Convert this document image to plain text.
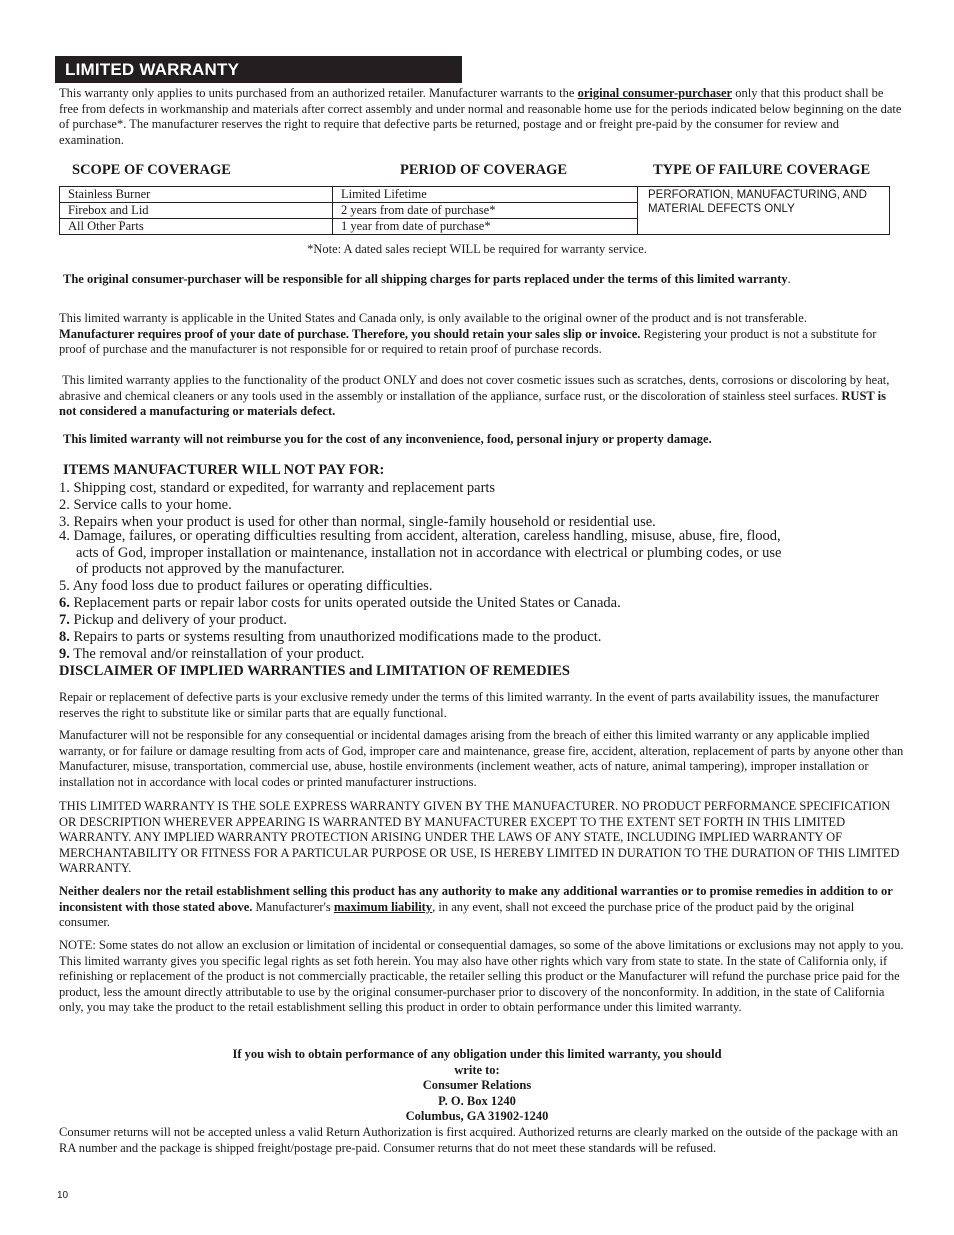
LIMITED WARRANTY
This warranty only applies to units purchased from an authorized retailer. Manufacturer warrants to the original consumer-purchaser only that this product shall be free from defects in workmanship and materials after correct assembly and under normal and reasonable home use for the periods indicated below beginning on the date of purchase*. The manufacturer reserves the right to require that defective parts be returned, postage and or freight pre-paid by the consumer for review and examination.
SCOPE OF COVERAGE	PERIOD OF COVERAGE	TYPE OF FAILURE COVERAGE
Stainless Burner	Limited Lifetime	PERFORATION, MANUFACTURING, AND MATERIAL DEFECTS ONLY
Firebox and Lid	2 years from date of purchase*	
All Other Parts	1 year from date of purchase*	
*Note: A dated sales reciept WILL be required for warranty service.
The original consumer-purchaser will be responsible for all shipping charges for parts replaced under the terms of this limited warranty.
This limited warranty is applicable in the United States and Canada only, is only available to the original owner of the product and is not transferable.
Manufacturer requires proof of your date of purchase. Therefore, you should retain your sales slip or invoice. Registering your product is not a substitute for proof of purchase and the manufacturer is not responsible for or required to retain proof of purchase records.
This limited warranty applies to the functionality of the product ONLY and does not cover cosmetic issues such as scratches, dents, corrosions or discoloring by heat, abrasive and chemical cleaners or any tools used in the assembly or installation of the appliance, surface rust, or the discoloration of stainless steel surfaces. RUST is not considered a manufacturing or materials defect.
This limited warranty will not reimburse you for the cost of any inconvenience, food, personal injury or property damage.
ITEMS MANUFACTURER WILL NOT PAY FOR:
1. Shipping cost, standard or expedited, for warranty and replacement parts
2. Service calls to your home.
3. Repairs when your product is used for other than normal, single-family household or residential use.
4. Damage, failures, or operating difficulties resulting from accident, alteration, careless handling, misuse, abuse, fire, flood,
acts of God, improper installation or maintenance, installation not in accordance with electrical or plumbing codes, or use
of products not approved by the manufacturer.
5. Any food loss due to product failures or operating difficulties.
6. Replacement parts or repair labor costs for units operated outside the United States or Canada.
7. Pickup and delivery of your product.
8. Repairs to parts or systems resulting from unauthorized modifications made to the product.
9. The removal and/or reinstallation of your product.
DISCLAIMER OF IMPLIED WARRANTIES and LIMITATION OF REMEDIES
Repair or replacement of defective parts is your exclusive remedy under the terms of this limited warranty. In the event of parts availability issues, the manufacturer reserves the right to substitute like or similar parts that are equally functional.
Manufacturer will not be responsible for any consequential or incidental damages arising from the breach of either this limited warranty or any applicable implied warranty, or for failure or damage resulting from acts of God, improper care and maintenance, grease fire, accident, alteration, replacement of parts by anyone other than Manufacturer, misuse, transportation, commercial use, abuse, hostile environments (inclement weather, acts of nature, animal tampering), improper installation or installation not in accordance with local codes or printed manufacturer instructions.
THIS LIMITED WARRANTY IS THE SOLE EXPRESS WARRANTY GIVEN BY THE MANUFACTURER. NO PRODUCT PERFORMANCE SPECIFICATION OR DESCRIPTION WHEREVER APPEARING IS WARRANTED BY MANUFACTURER EXCEPT TO THE EXTENT SET FORTH IN THIS LIMITED WARRANTY. ANY IMPLIED WARRANTY PROTECTION ARISING UNDER THE LAWS OF ANY STATE, INCLUDING IMPLIED WARRANTY OF MERCHANTABILITY OR FITNESS FOR A PARTICULAR PURPOSE OR USE, IS HEREBY LIMITED IN DURATION TO THE DURATION OF THIS LIMITED WARRANTY.
Neither dealers nor the retail establishment selling this product has any authority to make any additional warranties or to promise remedies in addition to or inconsistent with those stated above. Manufacturer's maximum liability, in any event, shall not exceed the purchase price of the product paid by the original consumer.
NOTE: Some states do not allow an exclusion or limitation of incidental or consequential damages, so some of the above limitations or exclusions may not apply to you. This limited warranty gives you specific legal rights as set foth herein. You may also have other rights which vary from state to state. In the state of California only, if refinishing or replacement of the product is not commercially practicable, the retailer selling this product or the Manufacturer will refund the purchase price paid for the product, less the amount directly attributable to use by the original consumer-purchaser prior to discovery of the nonconformity. In addition, in the state of California only, you may take the product to the retail establishment selling this product in order to obtain performance under this limited warranty.
If you wish to obtain performance of any obligation under this limited warranty, you should
write to:
Consumer Relations
P. O. Box 1240
Columbus, GA 31902-1240
Consumer returns will not be accepted unless a valid Return Authorization is first acquired. Authorized returns are clearly marked on the outside of the package with an RA number and the package is shipped freight/postage pre-paid. Consumer returns that do not meet these standards will be refused.
10
